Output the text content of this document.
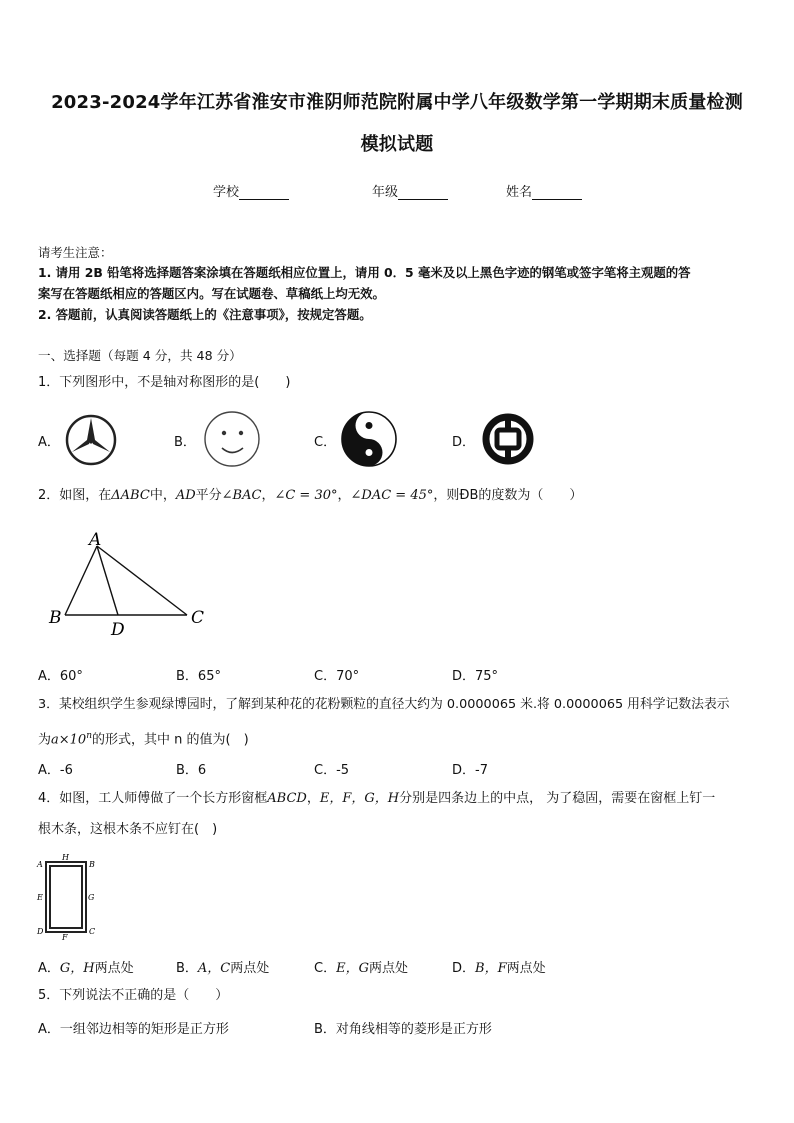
2023-2024学年江苏省淮安市淮阴师范院附属中学八年级数学第一学期期末质量检测
模拟试题
学校	年级	姓名
请考生注意：
1. 请用 2B 铅笔将选择题答案涂填在答题纸相应位置上，请用 0．5 毫米及以上黑色字迹的钢笔或签字笔将主观题的答
案写在答题纸相应的答题区内。写在试题卷、草稿纸上均无效。
2. 答题前，认真阅读答题纸上的《注意事项》，按规定答题。
一、选择题（每题 4 分，共 48 分）
1．下列图形中，不是轴对称图形的是(　　)
A．	B．	C．	D．
2．如图，在ΔABC中，AD平分∠BAC，∠C = 30°，∠DAC = 45°，则ÐB的度数为（　　）
A
B	C
D
A．60°	B．65°	C．70°	D．75°
3．某校组织学生参观绿博园时，了解到某种花的花粉颗粒的直径大约为 0.0000065 米.将 0.0000065 用科学记数法表示
为$a\times 10^n$的形式，其中 n 的值为(　)
A．-6	B．6	C．-5	D．-7
4．如图，工人师傅做了一个长方形窗框ABCD，E，F，G，H分别是四条边上的中点， 为了稳固，需要在窗框上钉一
根木条，这根木条不应钉在(　)
A
H
B
E	G
D
F
C
A．G，H两点处	B．A，C两点处	C．E，G两点处	D．B，F两点处
5．下列说法不正确的是（　　）
A．一组邻边相等的矩形是正方形	B．对角线相等的菱形是正方形
